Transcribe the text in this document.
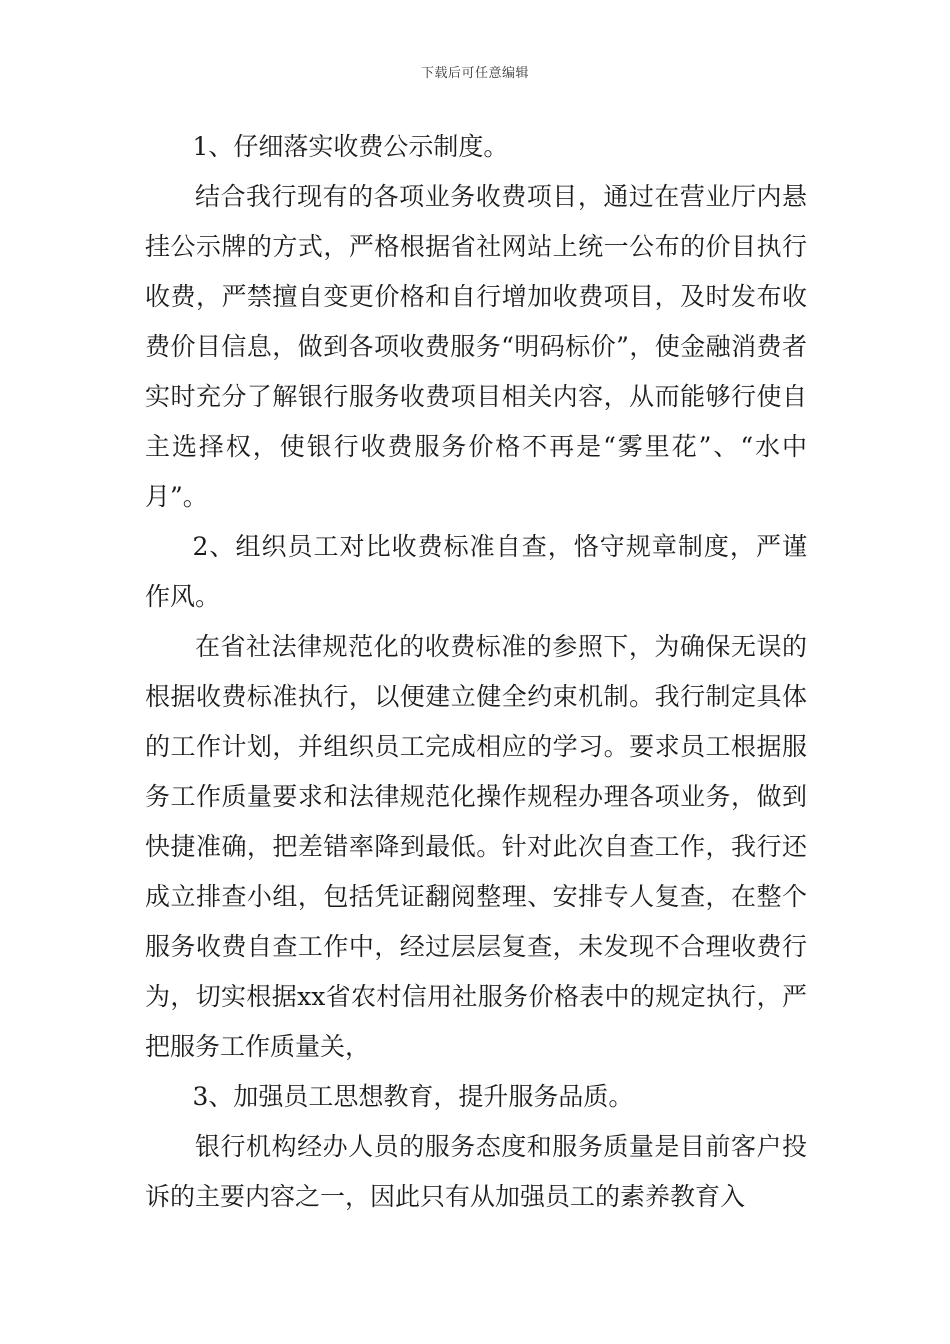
下载后可任意编辑

1、仔细落实收费公示制度。

结合我行现有的各项业务收费项目，通过在营业厅内悬挂公示牌的方式，严格根据省社网站上统一公布的价目执行收费，严禁擅自变更价格和自行增加收费项目，及时发布收费价目信息，做到各项收费服务“明码标价”，使金融消费者实时充分了解银行服务收费项目相关内容，从而能够行使自主选择权，使银行收费服务价格不再是“雾里花”、“水中月”。

2、组织员工对比收费标准自查，恪守规章制度，严谨作风。

在省社法律规范化的收费标准的参照下，为确保无误的根据收费标准执行，以便建立健全约束机制。我行制定具体的工作计划，并组织员工完成相应的学习。要求员工根据服务工作质量要求和法律规范化操作规程办理各项业务，做到快捷准确，把差错率降到最低。针对此次自查工作，我行还成立排查小组，包括凭证翻阅整理、安排专人复查，在整个服务收费自查工作中，经过层层复查，未发现不合理收费行为，切实根据xx省农村信用社服务价格表中的规定执行，严把服务工作质量关，

3、加强员工思想教育，提升服务品质。

银行机构经办人员的服务态度和服务质量是目前客户投诉的主要内容之一，因此只有从加强员工的素养教育入
